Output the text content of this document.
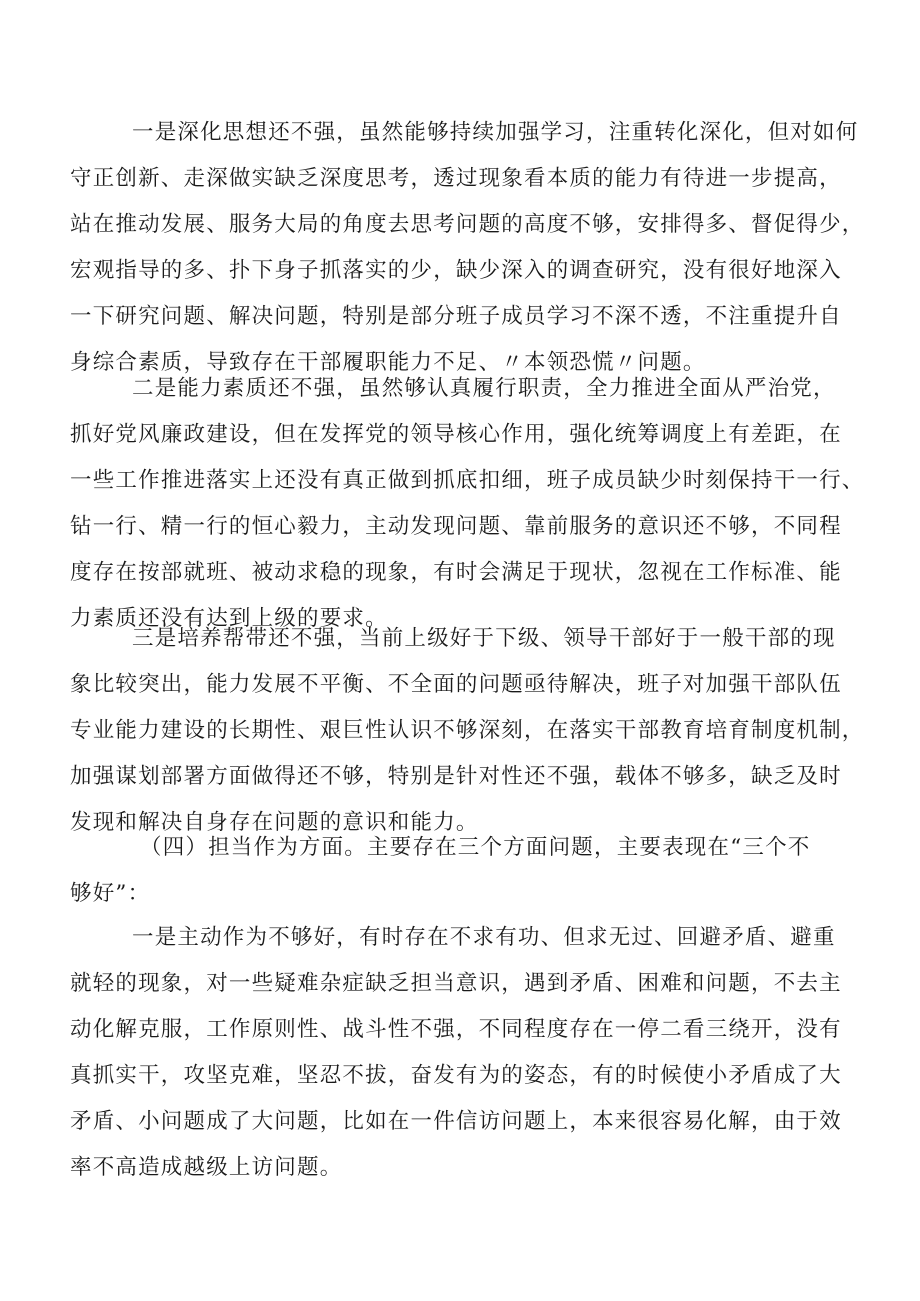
一是深化思想还不强，虽然能够持续加强学习，注重转化深化，但对如何
守正创新、走深做实缺乏深度思考，透过现象看本质的能力有待进一步提高，
站在推动发展、服务大局的角度去思考问题的高度不够，安排得多、督促得少，
宏观指导的多、扑下身子抓落实的少，缺少深入的调查研究，没有很好地深入
一下研究问题、解决问题，特别是部分班子成员学习不深不透，不注重提升自
身综合素质，导致存在干部履职能力不足、〃本领恐慌〃问题。
二是能力素质还不强，虽然够认真履行职责，全力推进全面从严治党，
抓好党风廉政建设，但在发挥党的领导核心作用，强化统筹调度上有差距，在
一些工作推进落实上还没有真正做到抓底扣细，班子成员缺少时刻保持干一行、
钻一行、精一行的恒心毅力，主动发现问题、靠前服务的意识还不够，不同程
度存在按部就班、被动求稳的现象，有时会满足于现状，忽视在工作标准、能
力素质还没有达到上级的要求。
三是培养帮带还不强，当前上级好于下级、领导干部好于一般干部的现
象比较突出，能力发展不平衡、不全面的问题亟待解决，班子对加强干部队伍
专业能力建设的长期性、艰巨性认识不够深刻，在落实干部教育培育制度机制，
加强谋划部署方面做得还不够，特别是针对性还不强，载体不够多，缺乏及时
发现和解决自身存在问题的意识和能力。
（四）担当作为方面。主要存在三个方面问题，主要表现在“三个不
够好”：
一是主动作为不够好，有时存在不求有功、但求无过、回避矛盾、避重
就轻的现象，对一些疑难杂症缺乏担当意识，遇到矛盾、困难和问题，不去主
动化解克服，工作原则性、战斗性不强，不同程度存在一停二看三绕开，没有
真抓实干，攻坚克难，坚忍不拔，奋发有为的姿态，有的时候使小矛盾成了大
矛盾、小问题成了大问题，比如在一件信访问题上，本来很容易化解，由于效
率不高造成越级上访问题。
